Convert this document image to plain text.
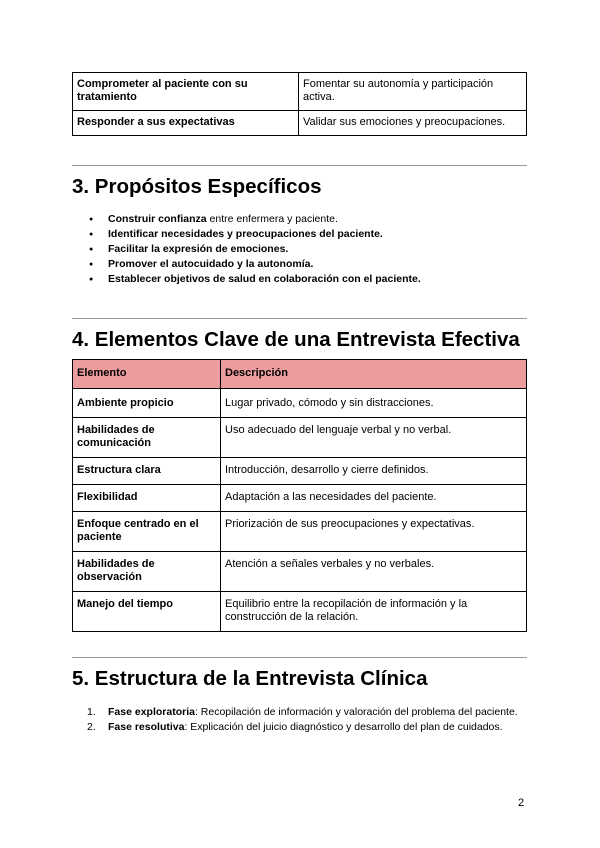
Comprometer al paciente con su tratamiento	Fomentar su autonomía y participación activa.
Responder a sus expectativas	Validar sus emociones y preocupaciones.
3. Propósitos Específicos
● Construir confianza entre enfermera y paciente.
● Identificar necesidades y preocupaciones del paciente.
● Facilitar la expresión de emociones.
● Promover el autocuidado y la autonomía.
● Establecer objetivos de salud en colaboración con el paciente.
4. Elementos Clave de una Entrevista Efectiva
Elemento	Descripción
Ambiente propicio	Lugar privado, cómodo y sin distracciones.
Habilidades de comunicación	Uso adecuado del lenguaje verbal y no verbal.
Estructura clara	Introducción, desarrollo y cierre definidos.
Flexibilidad	Adaptación a las necesidades del paciente.
Enfoque centrado en el paciente	Priorización de sus preocupaciones y expectativas.
Habilidades de observación	Atención a señales verbales y no verbales.
Manejo del tiempo	Equilibrio entre la recopilación de información y la construcción de la relación.
5. Estructura de la Entrevista Clínica
1. Fase exploratoria: Recopilación de información y valoración del problema del paciente.
2. Fase resolutiva: Explicación del juicio diagnóstico y desarrollo del plan de cuidados.
2
